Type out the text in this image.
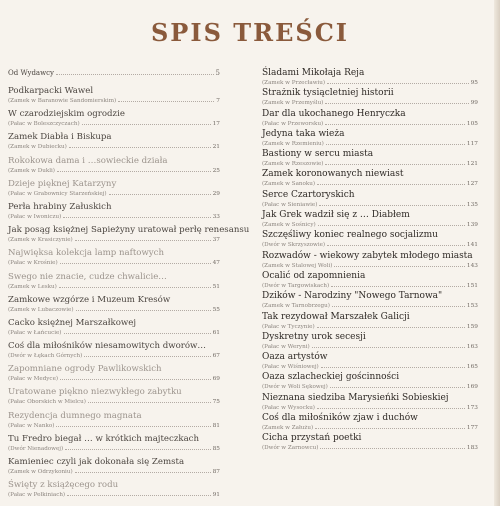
SPIS TREŚCI
Od Wydawcy	5
Podkarpacki Wawel
(Zamek w Baranowie Sandomierskim)	7
W czarodziejskim ogrodzie
(Pałac w Boleszczyczach)	17
Zamek Diabła i Biskupa
(Zamek w Dubiecku)	21
Rokokowa dama i …sowieckie działa
(Zamek w Dukli)	25
Dzieje pięknej Katarzyny
(Pałac w Grabownicy Starzeńskiej)	29
Perła hrabiny Załuskich
(Pałac w Iwoniczu)	33
Jak posąg księżnej Sapieżyny uratował perłę renesansu
(Zamek w Krasiczynie)	37
Najwięksa kolekcja lamp naftowych
(Pałac w Krośnie)	47
Swego nie znacie, cudze chwalicie…
(Zamek w Lesku)	51
Zamkowe wzgórze i Muzeum Kresów
(Zamek w Lubaczowie)	55
Cacko księżnej Marszałkowej
(Pałac w Łańcucie)	61
Coś dla miłośników niesamowitych dworów…
(Dwór w Łękach Górnych)	67
Zapomniane ogrody Pawlikowskich
(Pałac w Medyce)	69
Uratowane piękno niezwykłego zabytku
(Pałac Oborskich w Mielcu)	75
Rezydencja dumnego magnata
(Pałac w Nanko)	81
Tu Fredro biegał … w krótkich majteczkach
(Dwór Nienadowej)	85
Kamieniec czyli jak dokonała się Zemsta
(Zamek w Odrzykoniu)	87
Święty z książęcego rodu
(Pałac w Pełkiniach)	91
Śladami Mikołaja Reja
(Zamek w Przecławiu)	95
Strażnik tysiącletniej historii
(Zamek w Przemyślu)	99
Dar dla ukochanego Henryczka
(Pałac w Przeworsku)	105
Jedyna taka wieża
(Zamek w Rzemieniu)	117
Bastiony w sercu miasta
(Zamek w Rzeszowie)	121
Zamek koronowanych niewiast
(Zamek w Sanoku)	127
Serce Czartoryskich
(Pałac w Sieniawie)	135
Jak Grek wadził się z … Diabłem
(Zamek w Sośnicy)	139
Szczęśliwy koniec realnego socjalizmu
(Dwór w Skrzyszowie)	141
Rozwadów - wiekowy zabytek młodego miasta
(Zamek w Stalowej Woli)	143
Ocalić od zapomnienia
(Dwór w Targowiskach)	151
Dzików - Narodziny "Nowego Tarnowa"
(Zamek w Tarnobrzegu)	153
Tak rezydował Marszałek Galicji
(Pałac w Tyczynie)	159
Dyskretny urok secesji
(Pałac w Weryni)	163
Oaza artystów
(Pałac w Wiśniowej)	165
Oaza szlacheckiej gościnności
(Dwór w Woli Sękowej)	169
Nieznana siedziba Marysieńki Sobieskiej
(Pałac w Wysocku)	173
Coś dla miłośników zjaw i duchów
(Zamek w Załużu)	177
Cicha przystań poetki
(Dwór w Zarnowcu)	183
